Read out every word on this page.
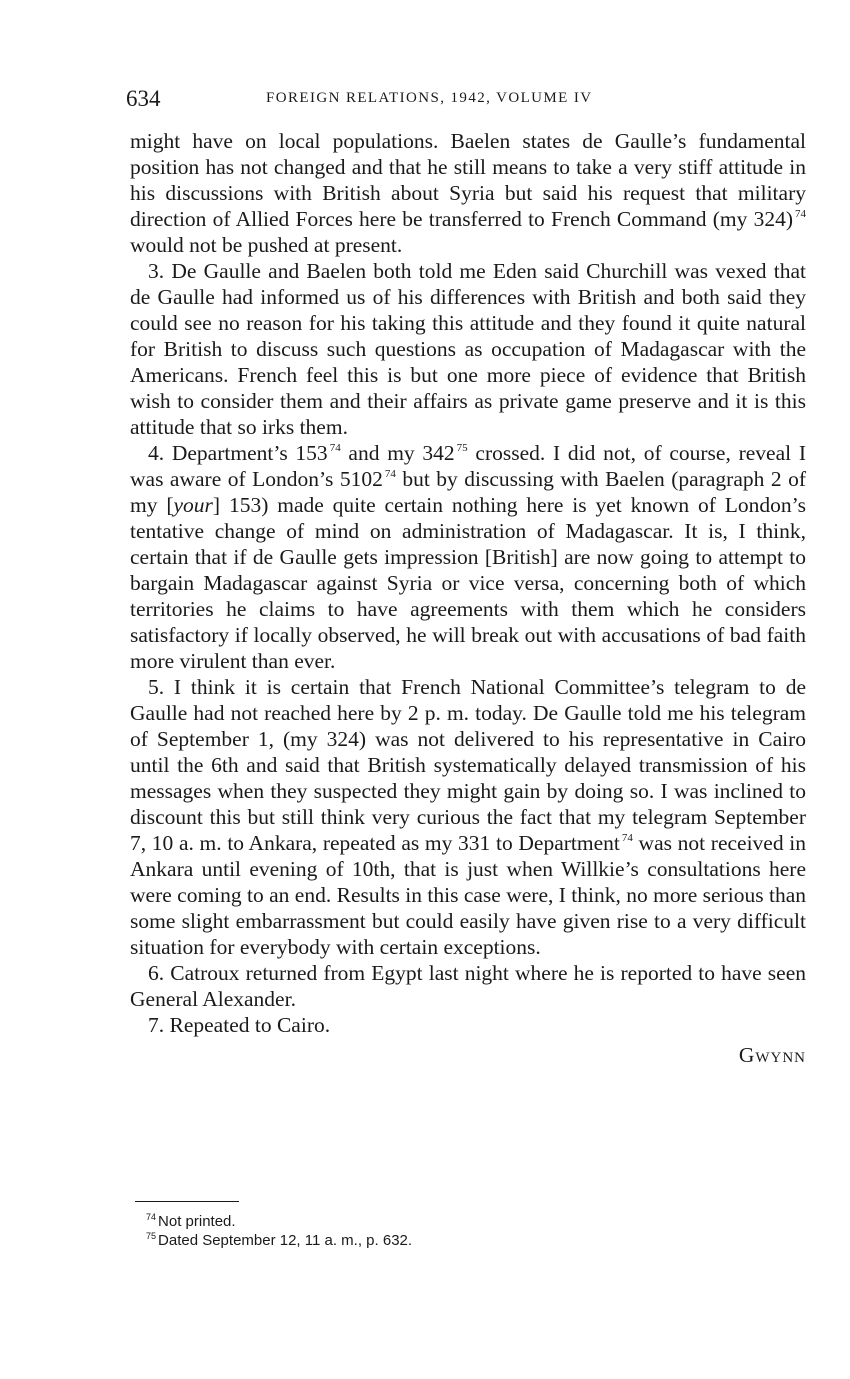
634	FOREIGN RELATIONS, 1942, VOLUME IV

might have on local populations. Baelen states de Gaulle’s fundamental position has not changed and that he still means to take a very stiff attitude in his discussions with British about Syria but said his request that military direction of Allied Forces here be transferred to French Command (my 324) $^{74}$ would not be pushed at present.

3. De Gaulle and Baelen both told me Eden said Churchill was vexed that de Gaulle had informed us of his differences with British and both said they could see no reason for his taking this attitude and they found it quite natural for British to discuss such questions as occupation of Madagascar with the Americans. French feel this is but one more piece of evidence that British wish to consider them and their affairs as private game preserve and it is this attitude that so irks them.

4. Department’s 153 $^{74}$ and my 342 $^{75}$ crossed. I did not, of course, reveal I was aware of London’s 5102 $^{74}$ but by discussing with Baelen (paragraph 2 of my [your] 153) made quite certain nothing here is yet known of London’s tentative change of mind on administration of Madagascar. It is, I think, certain that if de Gaulle gets impression [British] are now going to attempt to bargain Madagascar against Syria or vice versa, concerning both of which territories he claims to have agreements with them which he considers satisfactory if locally observed, he will break out with accusations of bad faith more virulent than ever.

5. I think it is certain that French National Committee’s telegram to de Gaulle had not reached here by 2 p. m. today. De Gaulle told me his telegram of September 1, (my 324) was not delivered to his representative in Cairo until the 6th and said that British systematically delayed transmission of his messages when they suspected they might gain by doing so. I was inclined to discount this but still think very curious the fact that my telegram September 7, 10 a. m. to Ankara, repeated as my 331 to Department $^{74}$ was not received in Ankara until evening of 10th, that is just when Willkie’s consultations here were coming to an end. Results in this case were, I think, no more serious than some slight embarrassment but could easily have given rise to a very difficult situation for everybody with certain exceptions.

6. Catroux returned from Egypt last night where he is reported to have seen General Alexander.

7. Repeated to Cairo.

Gwynn

$^{74}$ Not printed.

$^{75}$ Dated September 12, 11 a. m., p. 632.
